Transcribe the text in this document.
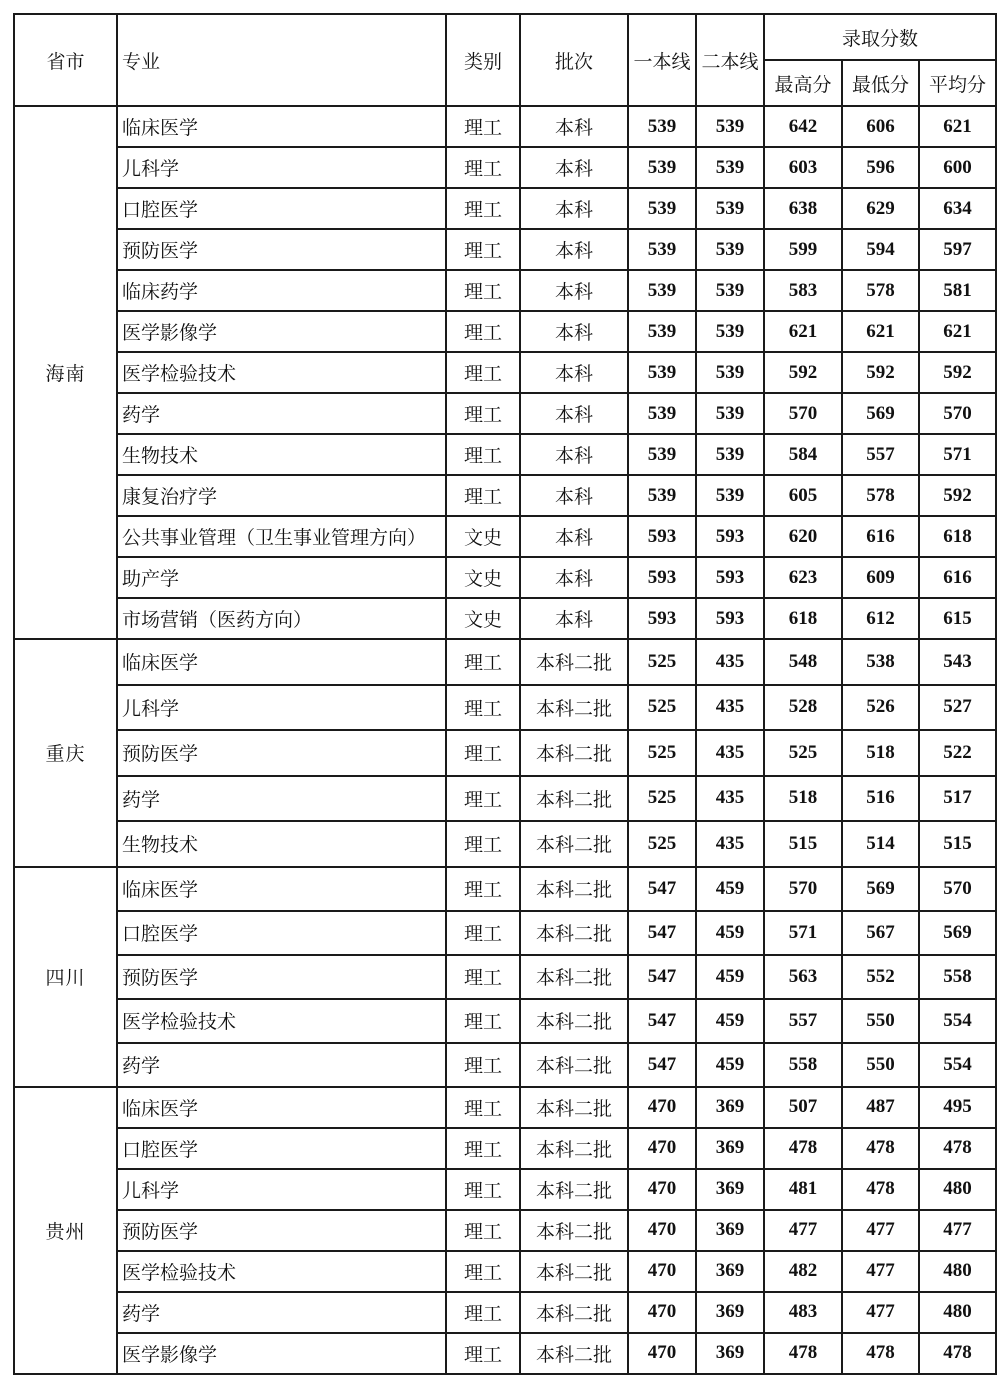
省市	专业	类别	批次	一本线	二本线	录取分数		
						最高分	最低分	平均分
海南	临床医学	理工	本科	539	539	642	606	621
	儿科学	理工	本科	539	539	603	596	600
	口腔医学	理工	本科	539	539	638	629	634
	预防医学	理工	本科	539	539	599	594	597
	临床药学	理工	本科	539	539	583	578	581
	医学影像学	理工	本科	539	539	621	621	621
	医学检验技术	理工	本科	539	539	592	592	592
	药学	理工	本科	539	539	570	569	570
	生物技术	理工	本科	539	539	584	557	571
	康复治疗学	理工	本科	539	539	605	578	592
	公共事业管理（卫生事业管理方向）	文史	本科	593	593	620	616	618
	助产学	文史	本科	593	593	623	609	616
	市场营销（医药方向）	文史	本科	593	593	618	612	615
重庆	临床医学	理工	本科二批	525	435	548	538	543
	儿科学	理工	本科二批	525	435	528	526	527
	预防医学	理工	本科二批	525	435	525	518	522
	药学	理工	本科二批	525	435	518	516	517
	生物技术	理工	本科二批	525	435	515	514	515
四川	临床医学	理工	本科二批	547	459	570	569	570
	口腔医学	理工	本科二批	547	459	571	567	569
	预防医学	理工	本科二批	547	459	563	552	558
	医学检验技术	理工	本科二批	547	459	557	550	554
	药学	理工	本科二批	547	459	558	550	554
贵州	临床医学	理工	本科二批	470	369	507	487	495
	口腔医学	理工	本科二批	470	369	478	478	478
	儿科学	理工	本科二批	470	369	481	478	480
	预防医学	理工	本科二批	470	369	477	477	477
	医学检验技术	理工	本科二批	470	369	482	477	480
	药学	理工	本科二批	470	369	483	477	480
	医学影像学	理工	本科二批	470	369	478	478	478
